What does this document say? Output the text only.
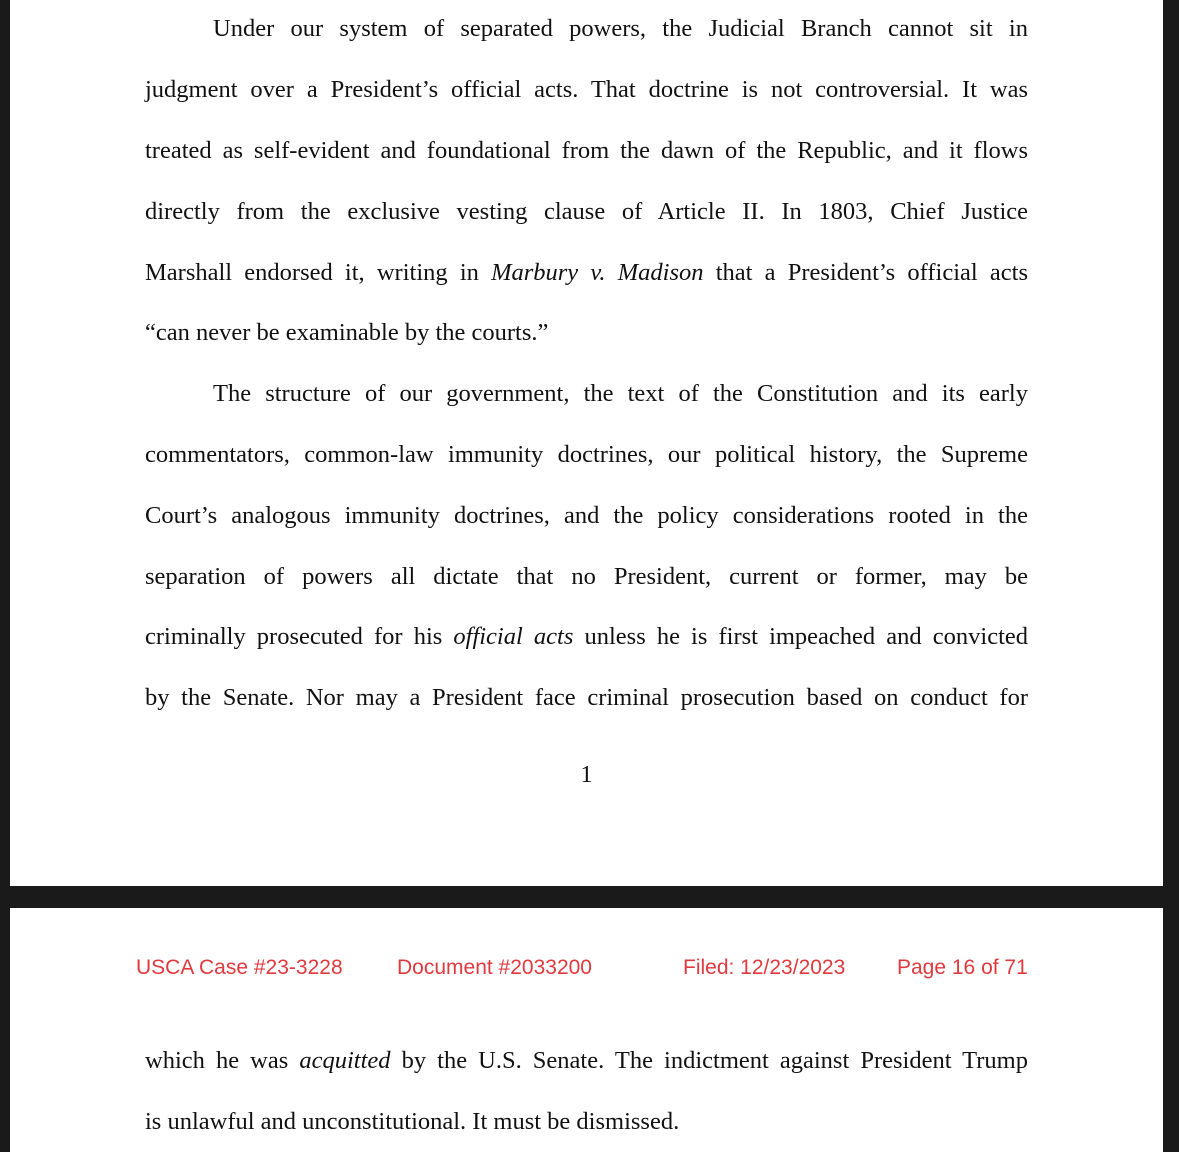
Under our system of separated powers, the Judicial Branch cannot sit in
judgment over a President’s official acts. That doctrine is not controversial. It was
treated as self-evident and foundational from the dawn of the Republic, and it flows
directly from the exclusive vesting clause of Article II. In 1803, Chief Justice
Marshall endorsed it, writing in Marbury v. Madison that a President’s official acts
“can never be examinable by the courts.”
The structure of our government, the text of the Constitution and its early
commentators, common-law immunity doctrines, our political history, the Supreme
Court’s analogous immunity doctrines, and the policy considerations rooted in the
separation of powers all dictate that no President, current or former, may be
criminally prosecuted for his official acts unless he is first impeached and convicted
by the Senate. Nor may a President face criminal prosecution based on conduct for
1
USCA Case #23-3228	Document #2033200	Filed: 12/23/2023 Page 16 of 71
which he was acquitted by the U.S. Senate. The indictment against President Trump
is unlawful and unconstitutional. It must be dismissed.
